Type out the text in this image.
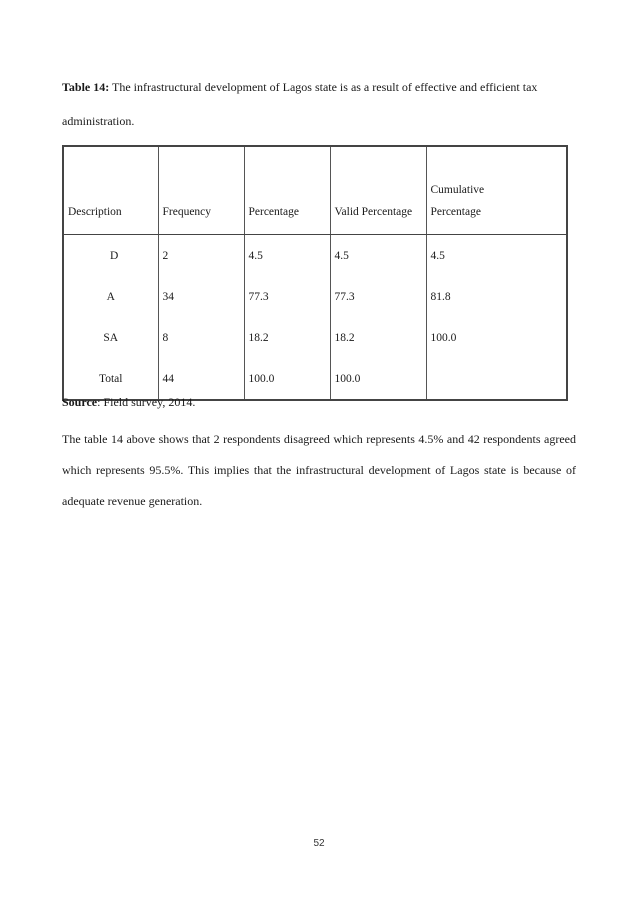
Table 14: The infrastructural development of Lagos state is as a result of effective and efficient tax administration.
Description	Frequency	Percentage	Valid Percentage	Cumulative
Percentage
D	2	4.5	4.5	4.5
A	34	77.3	77.3	81.8
SA	8	18.2	18.2	100.0
Total	44	100.0	100.0	
Source: Field survey, 2014.
The table 14 above shows that 2 respondents disagreed which represents 4.5% and 42 respondents agreed which represents 95.5%. This implies that the infrastructural development of Lagos state is because of adequate revenue generation.
52
